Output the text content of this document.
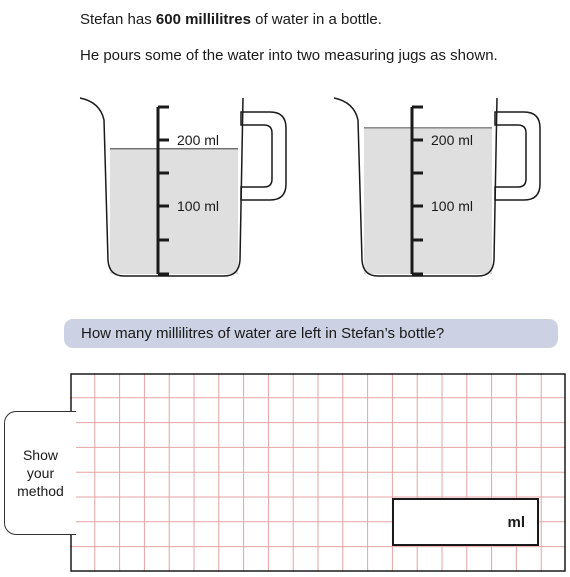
Stefan has 600 millilitres of water in a bottle.
He pours some of the water into two measuring jugs as shown.
200 ml
100 ml
200 ml
100 ml
How many millilitres of water are left in Stefan’s bottle?
Show
your
method
ml
